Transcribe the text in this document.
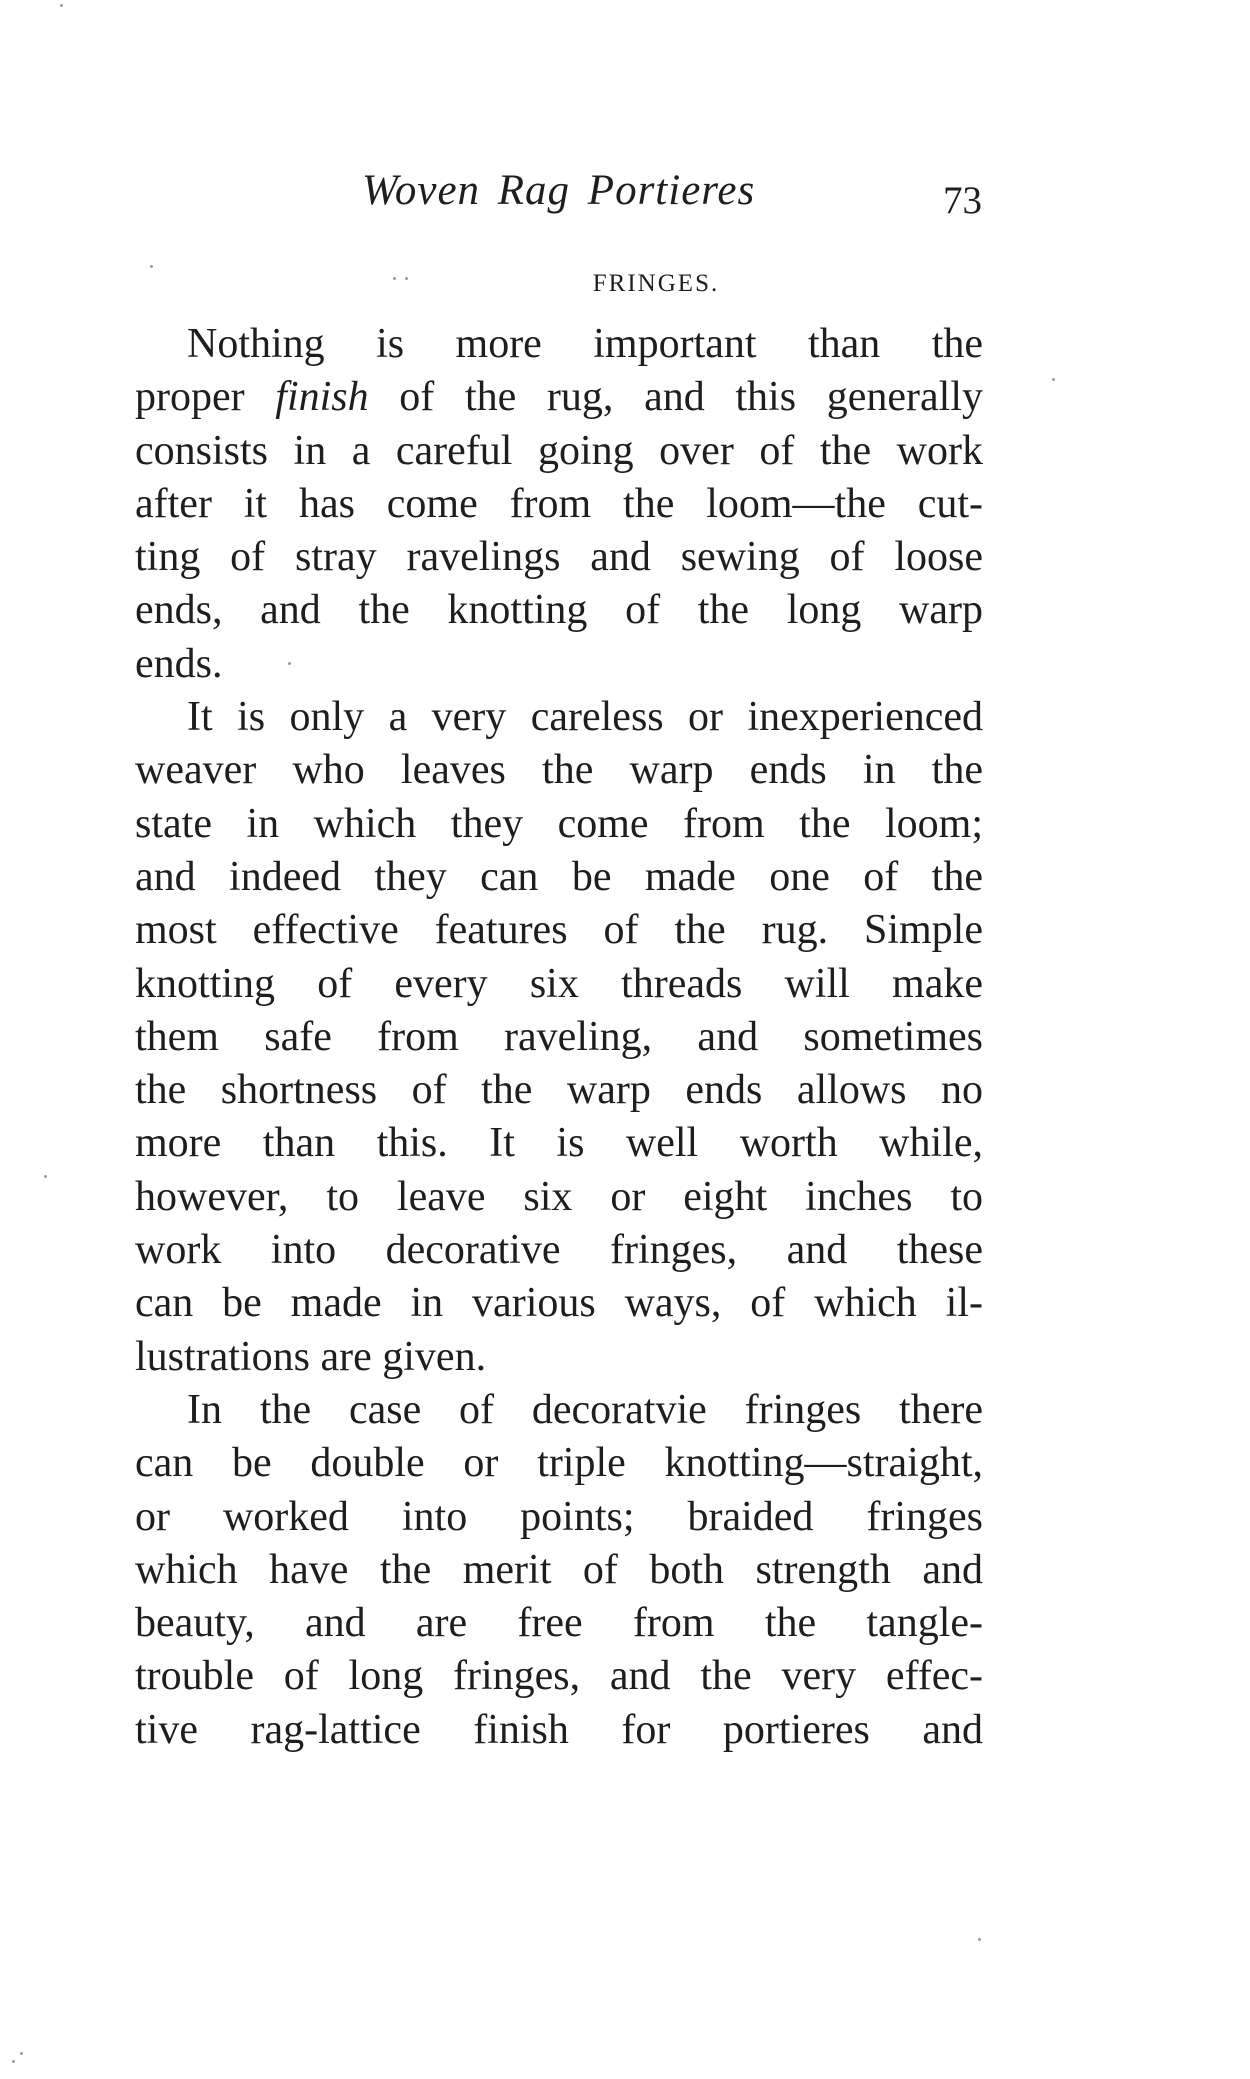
Woven Rag Portieres	73
FRINGES.
Nothing is more important than the
proper finish of the rug, and this generally
consists in a careful going over of the work
after it has come from the loom—the cut-
ting of stray ravelings and sewing of loose
ends, and the knotting of the long warp
ends.
It is only a very careless or inexperienced
weaver who leaves the warp ends in the
state in which they come from the loom;
and indeed they can be made one of the
most effective features of the rug. Simple
knotting of every six threads will make
them safe from raveling, and sometimes
the shortness of the warp ends allows no
more than this. It is well worth while,
however, to leave six or eight inches to
work into decorative fringes, and these
can be made in various ways, of which il-
lustrations are given.
In the case of decoratvie fringes there
can be double or triple knotting—straight,
or worked into points; braided fringes
which have the merit of both strength and
beauty, and are free from the tangle-
trouble of long fringes, and the very effec-
tive rag-lattice finish for portieres and
